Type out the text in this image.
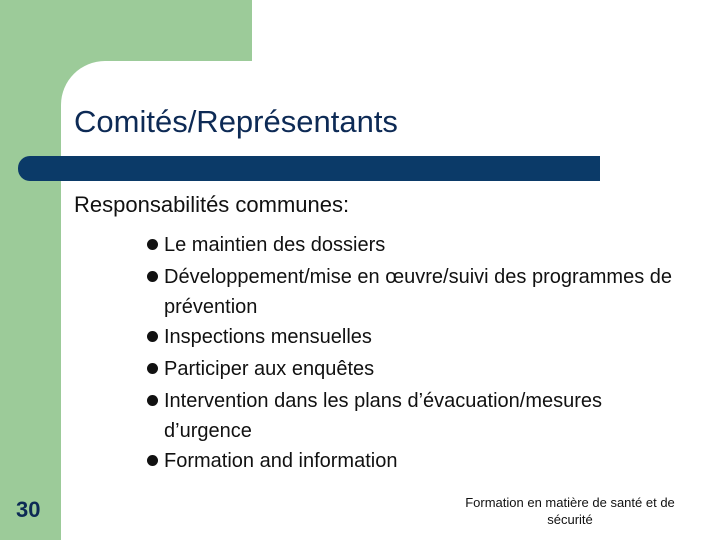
Comités/Représentants
Responsabilités communes:
Le maintien des dossiers
Développement/mise en œuvre/suivi des programmes de prévention
Inspections mensuelles
Participer aux enquêtes
Intervention dans les plans d’évacuation/mesures d’urgence
Formation and information
30	Formation en matière de santé et de sécurité
